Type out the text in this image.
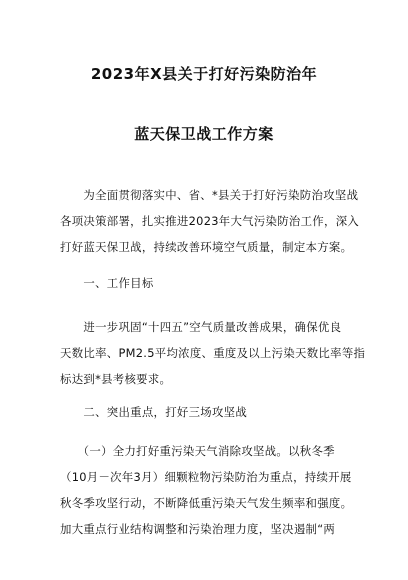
2023年X县关于打好污染防治年
蓝天保卫战工作方案
　　为全面贯彻落实中、省、*县关于打好污染防治攻坚战
各项决策部署，扎实推进2023年大气污染防治工作，深入
打好蓝天保卫战，持续改善环境空气质量，制定本方案。
　　一、工作目标
　　进一步巩固“十四五”空气质量改善成果，确保优良
天数比率、PM2.5平均浓度、重度及以上污染天数比率等指
标达到*县考核要求。
　　二、突出重点，打好三场攻坚战
　　（一）全力打好重污染天气消除攻坚战。以秋冬季
（10月－次年3月）细颗粒物污染防治为重点，持续开展
秋冬季攻坚行动，不断降低重污染天气发生频率和强度。
加大重点行业结构调整和污染治理力度，坚决遏制“两
